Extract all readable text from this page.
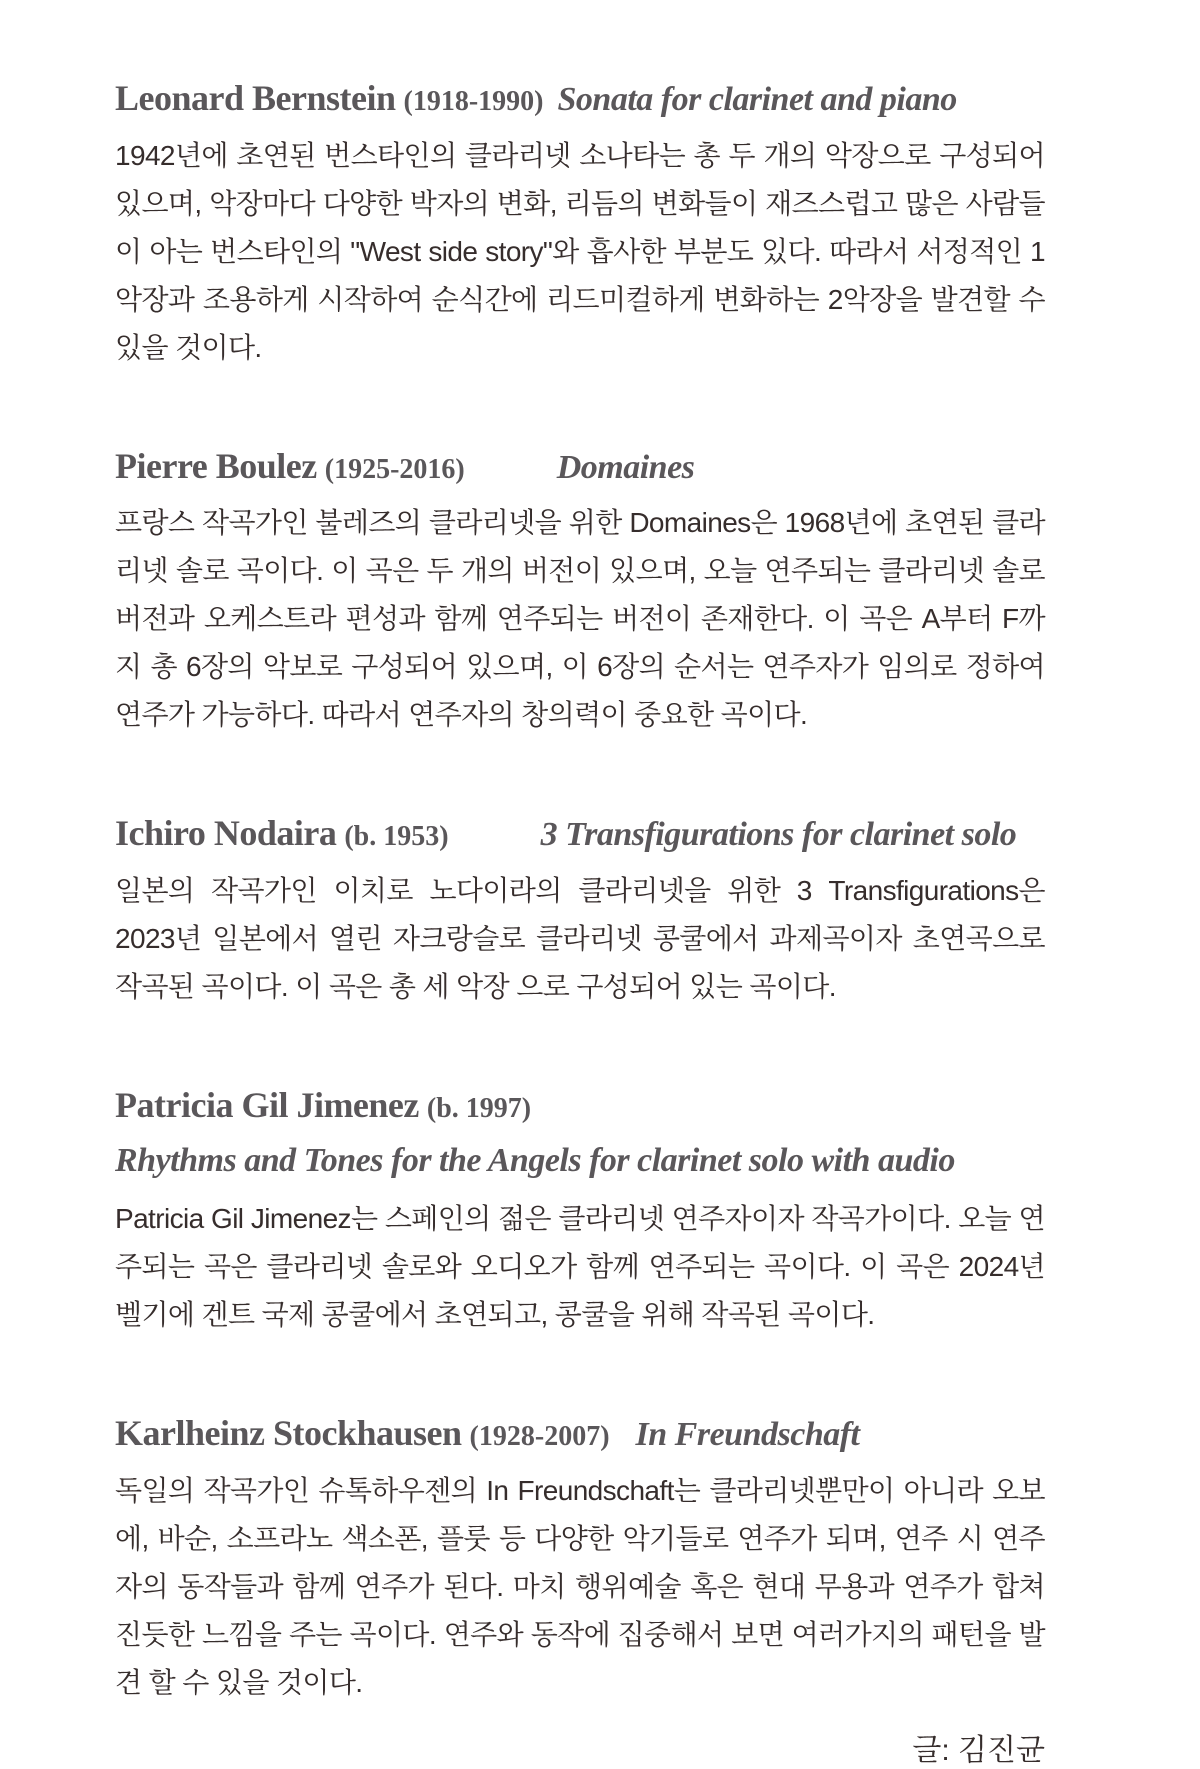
Leonard Bernstein (1918-1990) Sonata for clarinet and piano

1942년에 초연된 번스타인의 클라리넷 소나타는 총 두 개의 악장으로 구성되어 있으며, 악장마다 다양한 박자의 변화, 리듬의 변화들이 재즈스럽고 많은 사람들이 아는 번스타인의 "West side story"와 흡사한 부분도 있다. 따라서 서정적인 1악장과 조용하게 시작하여 순식간에 리드미컬하게 변화하는 2악장을 발견할 수 있을 것이다.

Pierre Boulez (1925-2016)	Domaines

프랑스 작곡가인 불레즈의 클라리넷을 위한 Domaines은 1968년에 초연된 클라리넷 솔로 곡이다. 이 곡은 두 개의 버전이 있으며, 오늘 연주되는 클라리넷 솔로 버전과 오케스트라 편성과 함께 연주되는 버전이 존재한다. 이 곡은 A부터 F까지 총 6장의 악보로 구성되어 있으며, 이 6장의 순서는 연주자가 임의로 정하여 연주가 가능하다. 따라서 연주자의 창의력이 중요한 곡이다.

Ichiro Nodaira (b. 1953)	3 Transfigurations for clarinet solo

일본의 작곡가인 이치로 노다이라의 클라리넷을 위한 3 Transfigurations은 2023년 일본에서 열린 자크랑슬로 클라리넷 콩쿨에서 과제곡이자 초연곡으로 작곡된 곡이다. 이 곡은 총 세 악장 으로 구성되어 있는 곡이다.

Patricia Gil Jimenez (b. 1997)
Rhythms and Tones for the Angels for clarinet solo with audio

Patricia Gil Jimenez는 스페인의 젊은 클라리넷 연주자이자 작곡가이다. 오늘 연주되는 곡은 클라리넷 솔로와 오디오가 함께 연주되는 곡이다. 이 곡은 2024년 벨기에 겐트 국제 콩쿨에서 초연되고, 콩쿨을 위해 작곡된 곡이다.

Karlheinz Stockhausen (1928-2007) In Freundschaft

독일의 작곡가인 슈톡하우젠의 In Freundschaft는 클라리넷뿐만이 아니라 오보에, 바순, 소프라노 색소폰, 플룻 등 다양한 악기들로 연주가 되며, 연주 시 연주자의 동작들과 함께 연주가 된다. 마치 행위예술 혹은 현대 무용과 연주가 합쳐진듯한 느낌을 주는 곡이다. 연주와 동작에 집중해서 보면 여러가지의 패턴을 발견 할 수 있을 것이다.

글: 김진균
